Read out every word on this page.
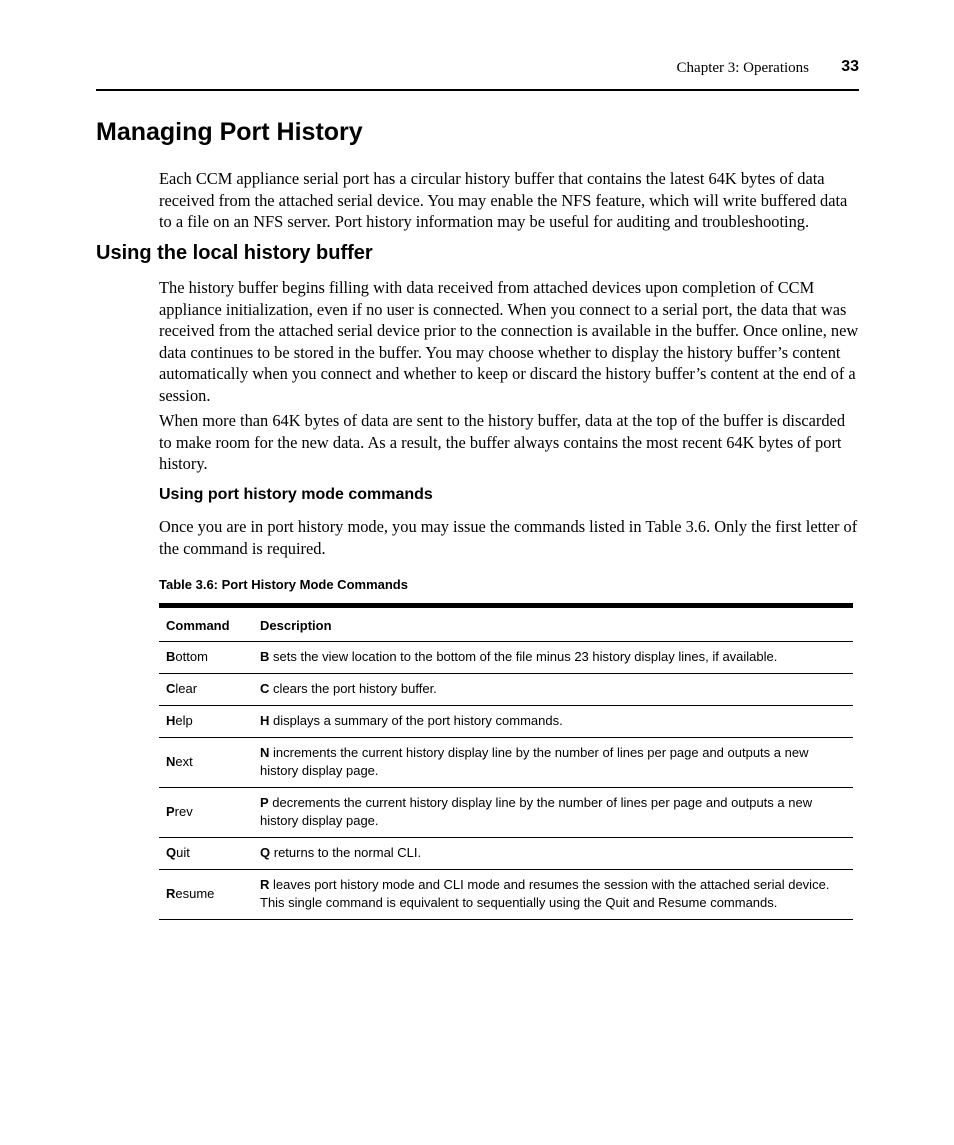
Chapter 3: Operations 33
Managing Port History

Each CCM appliance serial port has a circular history buffer that contains the latest 64K bytes of data received from the attached serial device. You may enable the NFS feature, which will write buffered data to a file on an NFS server. Port history information may be useful for auditing and troubleshooting.

Using the local history buffer

The history buffer begins filling with data received from attached devices upon completion of CCM appliance initialization, even if no user is connected. When you connect to a serial port, the data that was received from the attached serial device prior to the connection is available in the buffer. Once online, new data continues to be stored in the buffer. You may choose whether to display the history buffer’s content automatically when you connect and whether to keep or discard the history buffer’s content at the end of a session.

When more than 64K bytes of data are sent to the history buffer, data at the top of the buffer is discarded to make room for the new data. As a result, the buffer always contains the most recent 64K bytes of port history.

Using port history mode commands

Once you are in port history mode, you may issue the commands listed in Table 3.6. Only the first letter of the command is required.

Table 3.6: Port History Mode Commands

Command	Description
Bottom	B sets the view location to the bottom of the file minus 23 history display lines, if available.
Clear	C clears the port history buffer.
Help	H displays a summary of the port history commands.
Next	N increments the current history display line by the number of lines per page and outputs a new history display page.
Prev	P decrements the current history display line by the number of lines per page and outputs a new history display page.
Quit	Q returns to the normal CLI.
Resume	R leaves port history mode and CLI mode and resumes the session with the attached serial device. This single command is equivalent to sequentially using the Quit and Resume commands.
